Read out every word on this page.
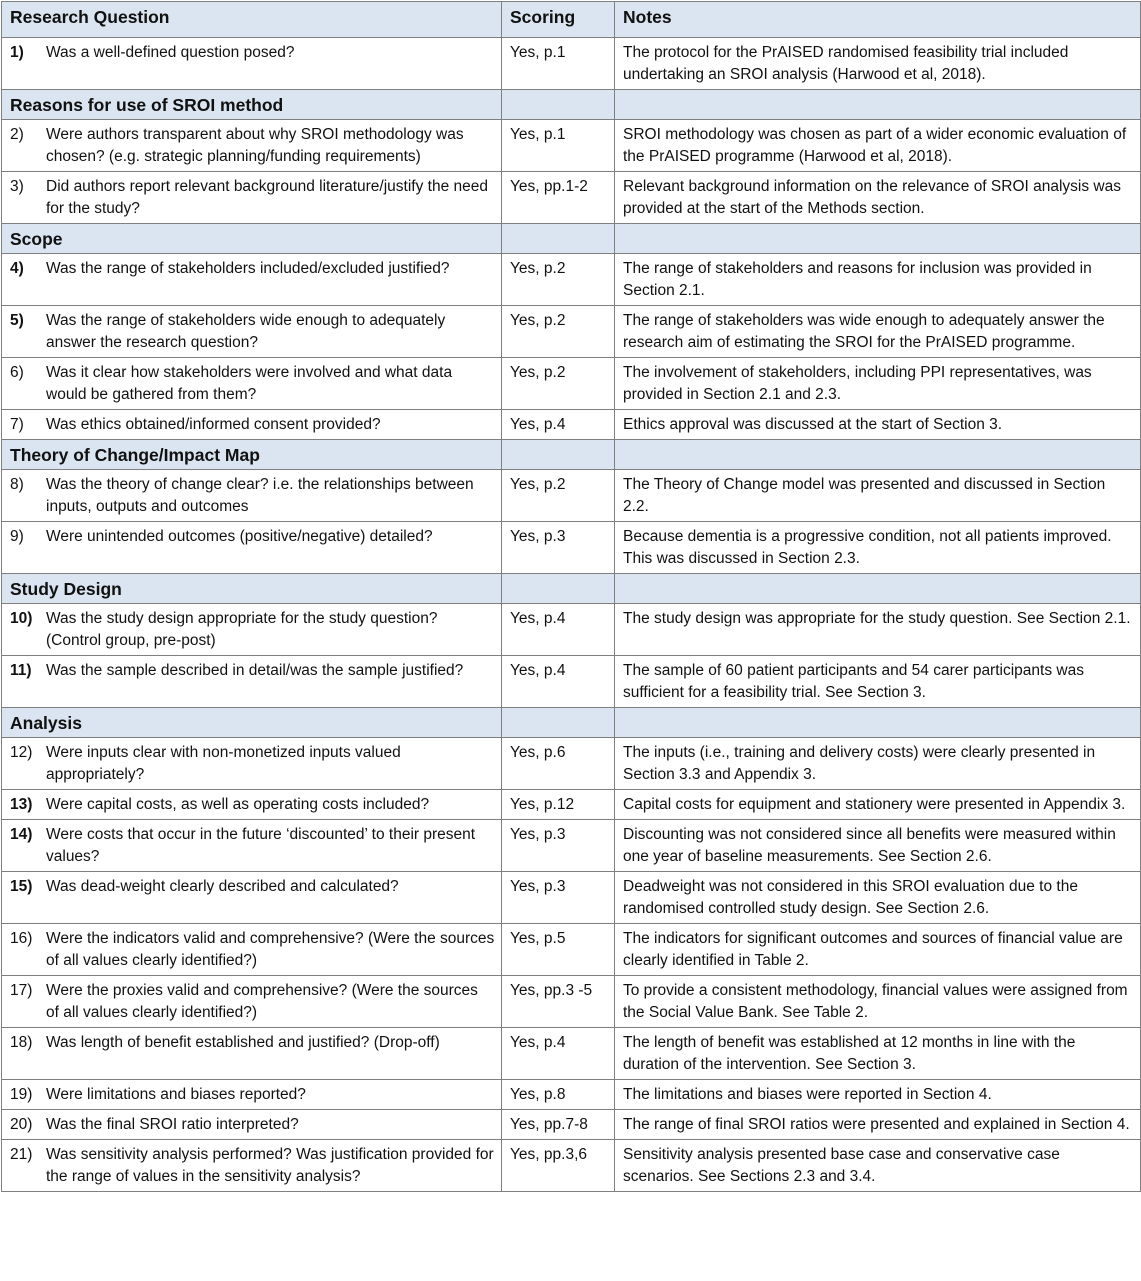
Research Question	Scoring	Notes

1) Was a well-defined question posed?	Yes, p.1	The protocol for the PrAISED randomised feasibility trial included undertaking an SROI analysis (Harwood et al, 2018).
Reasons for use of SROI method		

2) Were authors transparent about why SROI methodology was chosen? (e.g. strategic planning/funding requirements)	Yes, p.1	SROI methodology was chosen as part of a wider economic evaluation of the PrAISED programme (Harwood et al, 2018).

3) Did authors report relevant background literature/justify the need for the study?	Yes, pp.1-2	Relevant background information on the relevance of SROI analysis was provided at the start of the Methods section.
Scope		

4) Was the range of stakeholders included/excluded justified?	Yes, p.2	The range of stakeholders and reasons for inclusion was provided in Section 2.1.

5) Was the range of stakeholders wide enough to adequately answer the research question?	Yes, p.2	The range of stakeholders was wide enough to adequately answer the research aim of estimating the SROI for the PrAISED programme.

6) Was it clear how stakeholders were involved and what data would be gathered from them?	Yes, p.2	The involvement of stakeholders, including PPI representatives, was provided in Section 2.1 and 2.3.

7) Was ethics obtained/informed consent provided?	Yes, p.4	Ethics approval was discussed at the start of Section 3.
Theory of Change/Impact Map		

8) Was the theory of change clear? i.e. the relationships between inputs, outputs and outcomes	Yes, p.2	The Theory of Change model was presented and discussed in Section 2.2.

9) Were unintended outcomes (positive/negative) detailed?	Yes, p.3	Because dementia is a progressive condition, not all patients improved. This was discussed in Section 2.3.
Study Design		

10) Was the study design appropriate for the study question? (Control group, pre-post)	Yes, p.4	The study design was appropriate for the study question. See Section 2.1.

11) Was the sample described in detail/was the sample justified?	Yes, p.4	The sample of 60 patient participants and 54 carer participants was sufficient for a feasibility trial. See Section 3.
Analysis		

12) Were inputs clear with non-monetized inputs valued appropriately?	Yes, p.6	The inputs (i.e., training and delivery costs) were clearly presented in Section 3.3 and Appendix 3.

13) Were capital costs, as well as operating costs included?	Yes, p.12	Capital costs for equipment and stationery were presented in Appendix 3.

14) Were costs that occur in the future ‘discounted’ to their present values?	Yes, p.3	Discounting was not considered since all benefits were measured within one year of baseline measurements. See Section 2.6.

15) Was dead-weight clearly described and calculated?	Yes, p.3	Deadweight was not considered in this SROI evaluation due to the randomised controlled study design. See Section 2.6.

16) Were the indicators valid and comprehensive? (Were the sources of all values clearly identified?)	Yes, p.5	The indicators for significant outcomes and sources of financial value are clearly identified in Table 2.

17) Were the proxies valid and comprehensive? (Were the sources of all values clearly identified?)	Yes, pp.3 -5	To provide a consistent methodology, financial values were assigned from the Social Value Bank. See Table 2.

18) Was length of benefit established and justified? (Drop-off)	Yes, p.4	The length of benefit was established at 12 months in line with the duration of the intervention. See Section 3.

19) Were limitations and biases reported?	Yes, p.8	The limitations and biases were reported in Section 4.

20) Was the final SROI ratio interpreted?	Yes, pp.7-8	The range of final SROI ratios were presented and explained in Section 4.

21) Was sensitivity analysis performed? Was justification provided for the range of values in the sensitivity analysis?	Yes, pp.3,6	Sensitivity analysis presented base case and conservative case scenarios. See Sections 2.3 and 3.4.
